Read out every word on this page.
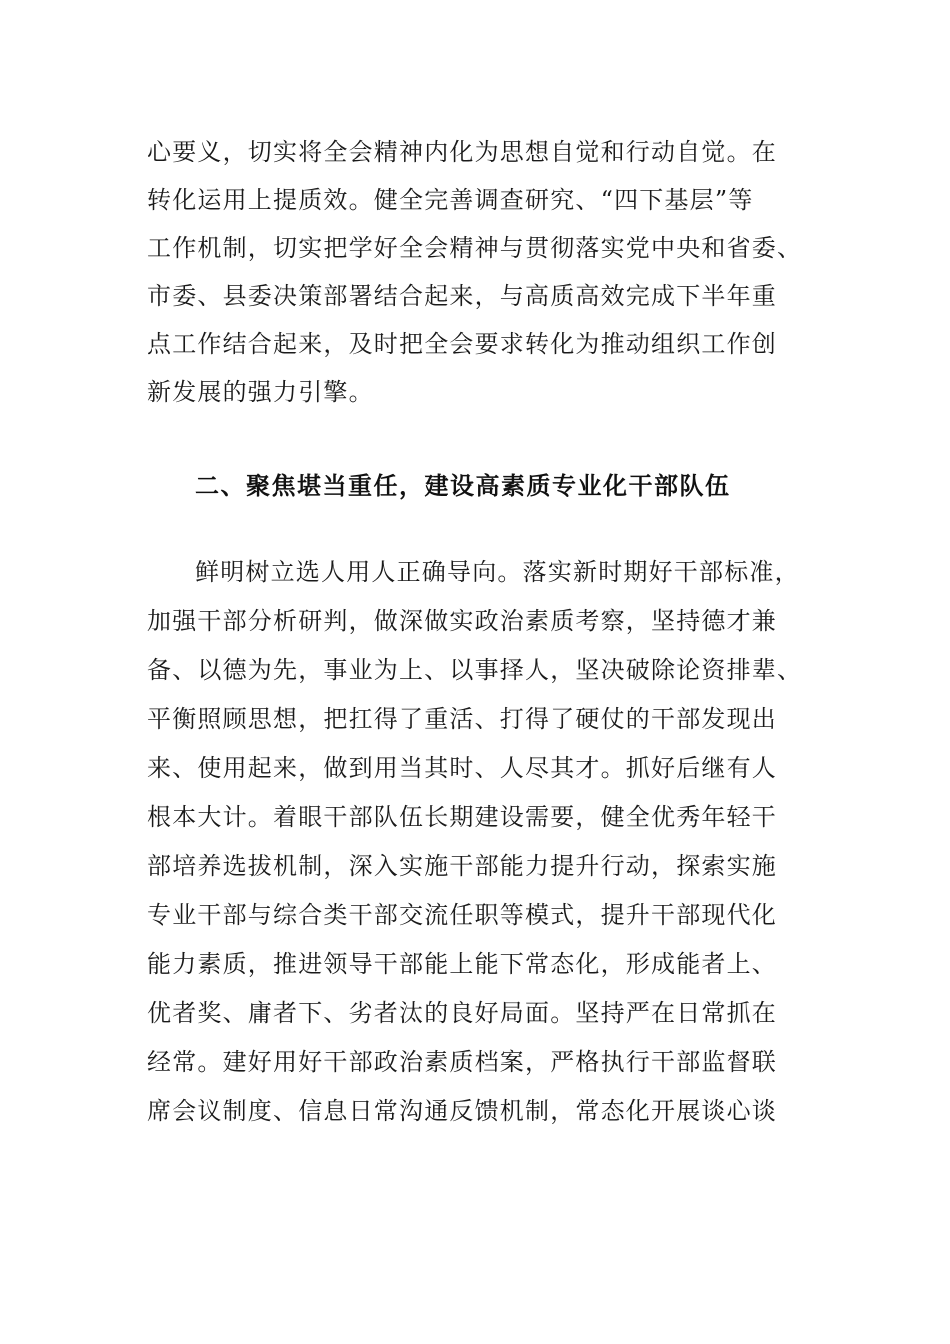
心要义，切实将全会精神内化为思想自觉和行动自觉。在
转化运用上提质效。健全完善调查研究、“四下基层”等
工作机制，切实把学好全会精神与贯彻落实党中央和省委、
市委、县委决策部署结合起来，与高质高效完成下半年重
点工作结合起来，及时把全会要求转化为推动组织工作创
新发展的强力引擎。
二、聚焦堪当重任，建设高素质专业化干部队伍
鲜明树立选人用人正确导向。落实新时期好干部标准，
加强干部分析研判，做深做实政治素质考察，坚持德才兼
备、以德为先，事业为上、以事择人，坚决破除论资排辈、
平衡照顾思想，把扛得了重活、打得了硬仗的干部发现出
来、使用起来，做到用当其时、人尽其才。抓好后继有人
根本大计。着眼干部队伍长期建设需要，健全优秀年轻干
部培养选拔机制，深入实施干部能力提升行动，探索实施
专业干部与综合类干部交流任职等模式，提升干部现代化
能力素质，推进领导干部能上能下常态化，形成能者上、
优者奖、庸者下、劣者汰的良好局面。坚持严在日常抓在
经常。建好用好干部政治素质档案，严格执行干部监督联
席会议制度、信息日常沟通反馈机制，常态化开展谈心谈
